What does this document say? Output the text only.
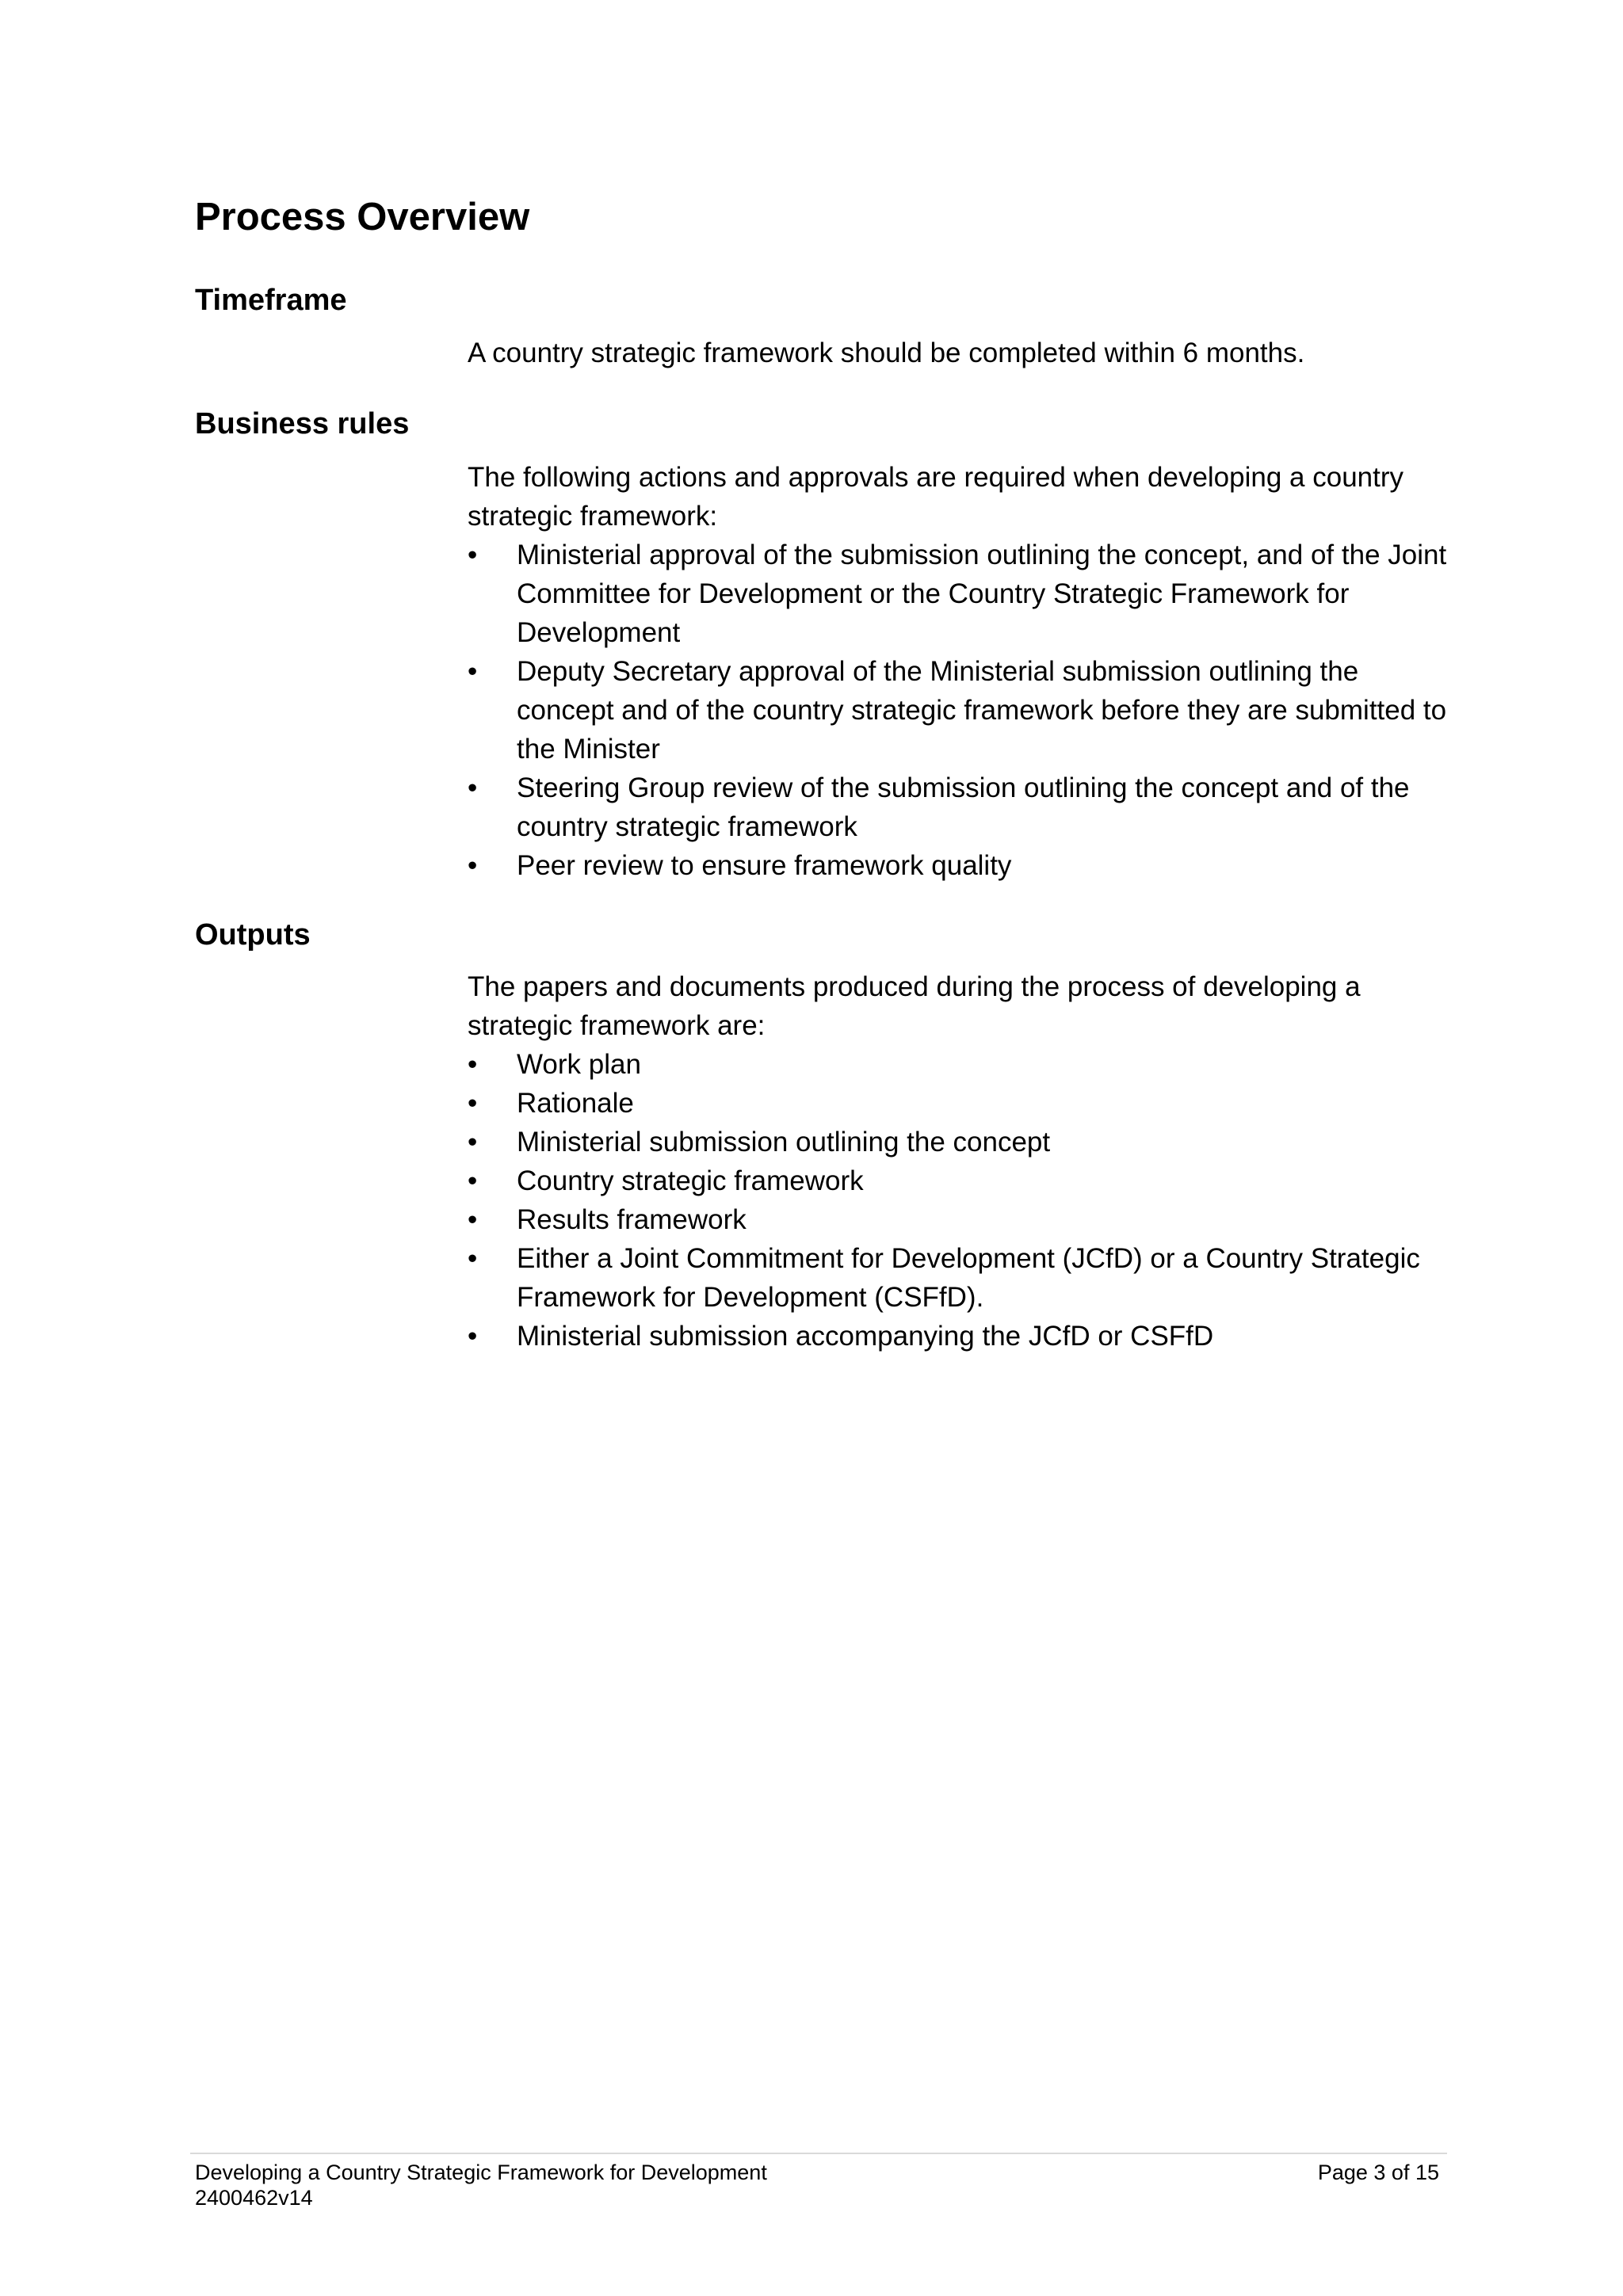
Process Overview
Timeframe

A country strategic framework should be completed within 6 months.

Business rules

The following actions and approvals are required when developing a country strategic framework:

•	Ministerial approval of the submission outlining the concept, and of the Joint Committee for Development or the Country Strategic Framework for Development
•	Deputy Secretary approval of the Ministerial submission outlining the concept and of the country strategic framework before they are submitted to the Minister
•	Steering Group review of the submission outlining the concept and of the country strategic framework
•	Peer review to ensure framework quality
Outputs

The papers and documents produced during the process of developing a strategic framework are:

•	Work plan
•	Rationale
•	Ministerial submission outlining the concept
•	Country strategic framework
•	Results framework
•	Either a Joint Commitment for Development (JCfD) or a Country Strategic Framework for Development (CSFfD).
•	Ministerial submission accompanying the JCfD or CSFfD
Developing a Country Strategic Framework for Development	Page 3 of 15
2400462v14
